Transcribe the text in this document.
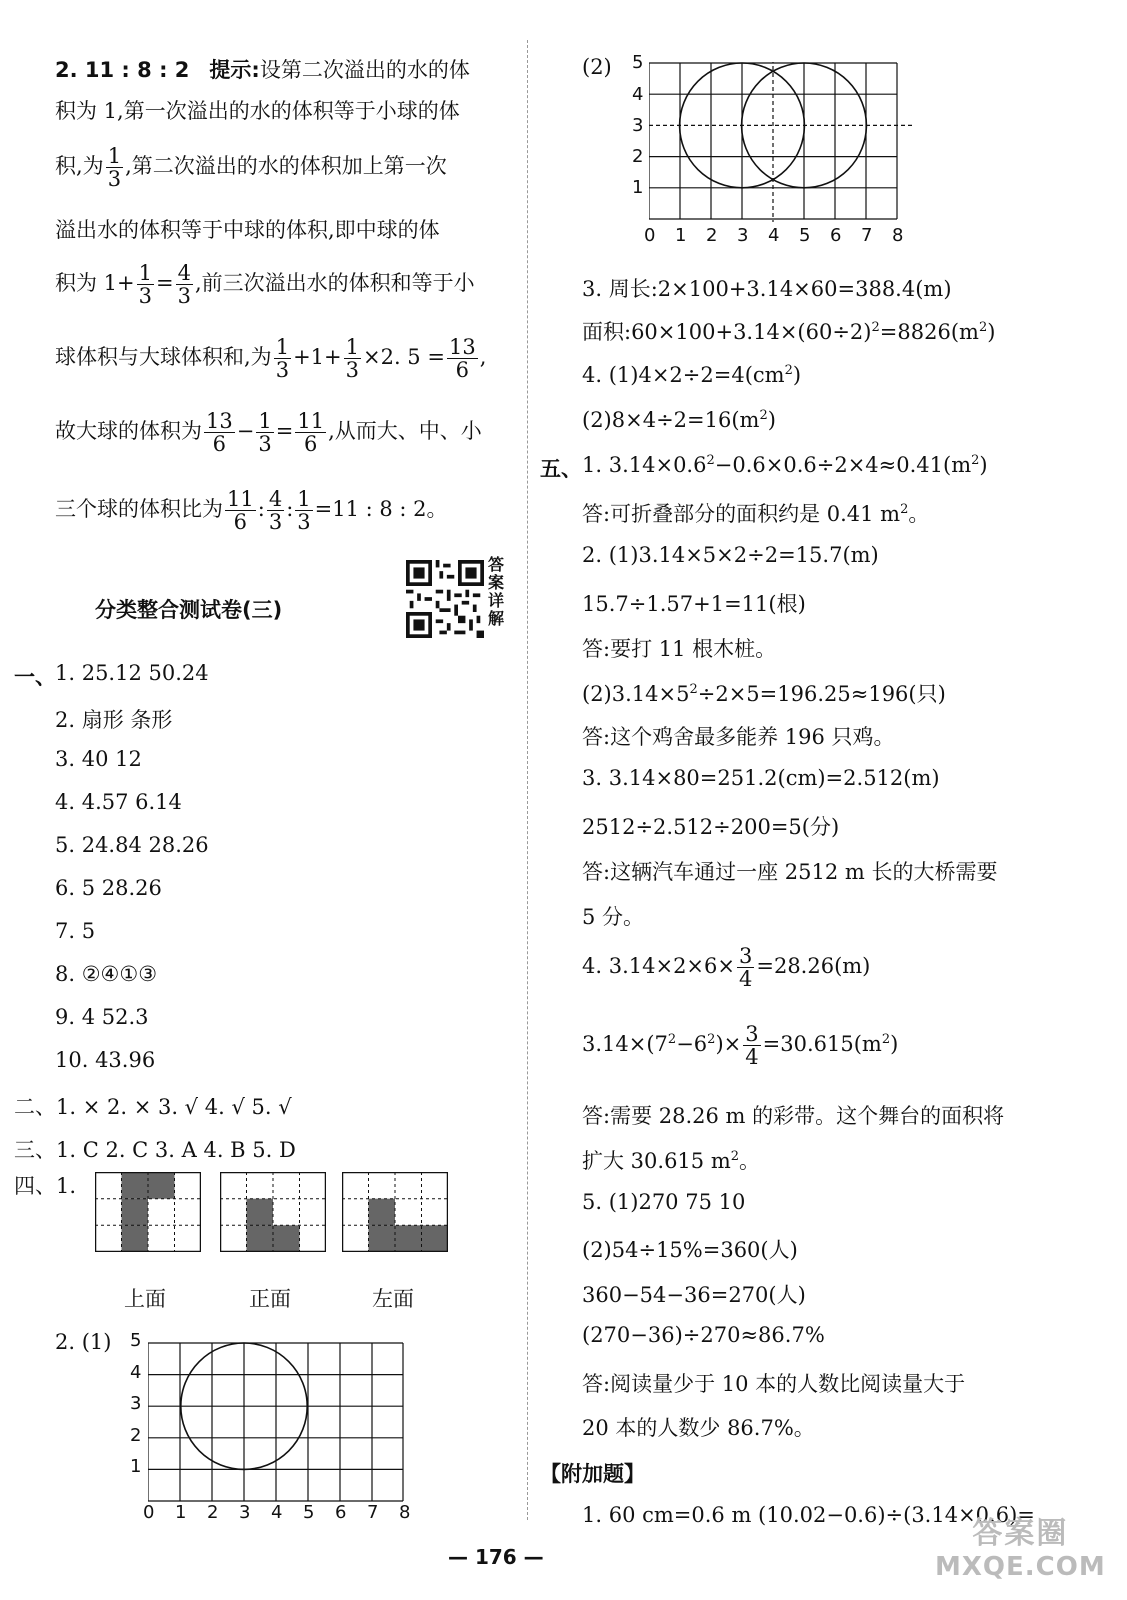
2. 11 : 8 : 2 提示:设第二次溢出的水的体
积为 1,第一次溢出的水的体积等于小球的体
积,为 $\frac{1}{3}$ ,第二次溢出的水的体积加上第一次
溢出水的体积等于中球的体积,即中球的体
积为 $1+ \frac{1}{3} = \frac{4}{3}$ ,前三次溢出水的体积和等于小
球体积与大球体积和,为 $\frac{1}{3} +1+ \frac{1}{3} \times 2$. $5 = \frac{13}{6}$ ,
故大球的体积为 $\frac{13}{6} - \frac{1}{3} = \frac{11}{6}$ ,从而大、中、小
三个球的体积比为 $\frac{11}{6}$ : $\frac{4}{3}$ : $\frac{1}{3} =11$ : 8 : 2。
分类整合测试卷(三)
答
案
详
解
一、 1. 25.12 50.24
2. 扇形 条形
3. 40 12
4. 4.57 6.14
5. 24.84 28.26
6. 5 28.26
7. 5
8. ②④①③
9. 4 52.3
10. 43.96
二、1. × 2. × 3. √ 4. √ 5. √
三、1. C 2. C 3. A 4. B 5. D
四、1.
上面	正面	左面
2. (1) 5
4
3
2
1
0 1 2 3 4 5 6 7 8
(2) 5
4
3
2
1
0 1 2 3 4 5 6 7 8
3. 周长:2×100+3.14×60=388.4(m)
面积$:60\times 100+3.14\times(60\div 2)^2=8826(m^2)$
4. $(1)4\times 2\div 2=4(cm^2)$
$(2)8\times 4\div 2=16(m^2)$
五、 1. $3.14\times 0.6^2-0.6\times 0.6\div 2\times 4\approx 0.41(m^2)$
答:可折叠部分的面积约是 0.41 $m^2$。
2. (1)3.14×5×2÷2=15.7(m)
15.7÷1.57+1=11(根)
答:要打 11 根木桩。
$(2)3.14\times 5^2\div 2\times 5=196.25\approx 196$(只)
答:这个鸡舍最多能养 196 只鸡。
3. 3.14×80=251.2(cm)=2.512(m)
2512÷2.512÷200=5(分)
答:这辆汽车通过一座 2512 m 长的大桥需要
5 分。
4. $3.14\times 2\times 6\times \frac{3}{4} =28.26(m)$
$3.14\times(7^2-6^2)\times \frac{3}{4} =30.615(m^2)$
答:需要 28.26 m 的彩带。这个舞台的面积将
扩大 30.615 $m^2$。
5. (1)270 75 10
(2)54÷15%=360(人)
360−54−36=270(人)
(270−36)÷270≈86.7%
答:阅读量少于 10 本的人数比阅读量大于
20 本的人数少 86.7%。
【附加题】
1. 60 cm=0.6 m (10.02−0.6)÷(3.14×0.6)=
— 176 —
答案圈
MXQE.COM
